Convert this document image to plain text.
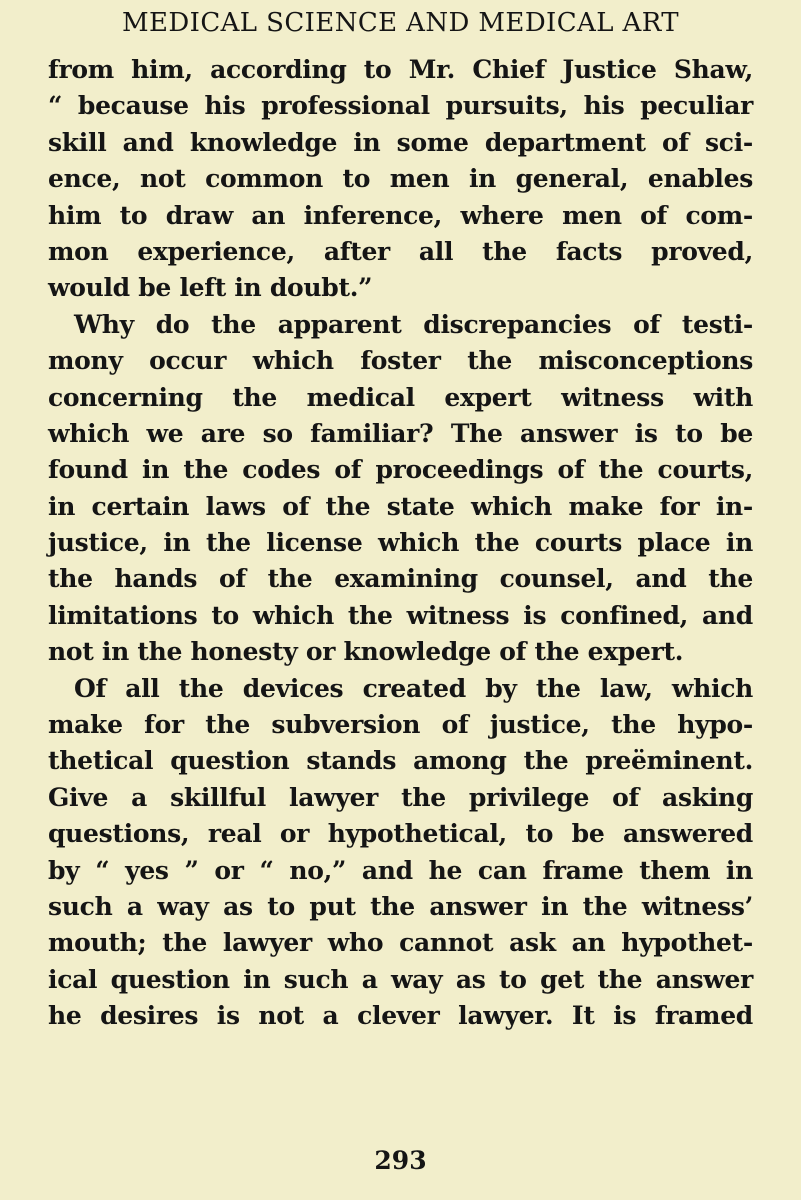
MEDICAL SCIENCE AND MEDICAL ART
from him, according to Mr. Chief Justice Shaw,
“ because his professional pursuits, his peculiar
skill and knowledge in some department of sci-
ence, not common to men in general, enables
him to draw an inference, where men of com-
mon experience, after all the facts proved,
would be left in doubt.”
Why do the apparent discrepancies of testi-
mony occur which foster the misconceptions
concerning the medical expert witness with
which we are so familiar? The answer is to be
found in the codes of proceedings of the courts,
in certain laws of the state which make for in-
justice, in the license which the courts place in
the hands of the examining counsel, and the
limitations to which the witness is confined, and
not in the honesty or knowledge of the expert.
Of all the devices created by the law, which
make for the subversion of justice, the hypo-
thetical question stands among the preëminent.
Give a skillful lawyer the privilege of asking
questions, real or hypothetical, to be answered
by “ yes ” or “ no,” and he can frame them in
such a way as to put the answer in the witness’
mouth; the lawyer who cannot ask an hypothet-
ical question in such a way as to get the answer
he desires is not a clever lawyer. It is framed
293
